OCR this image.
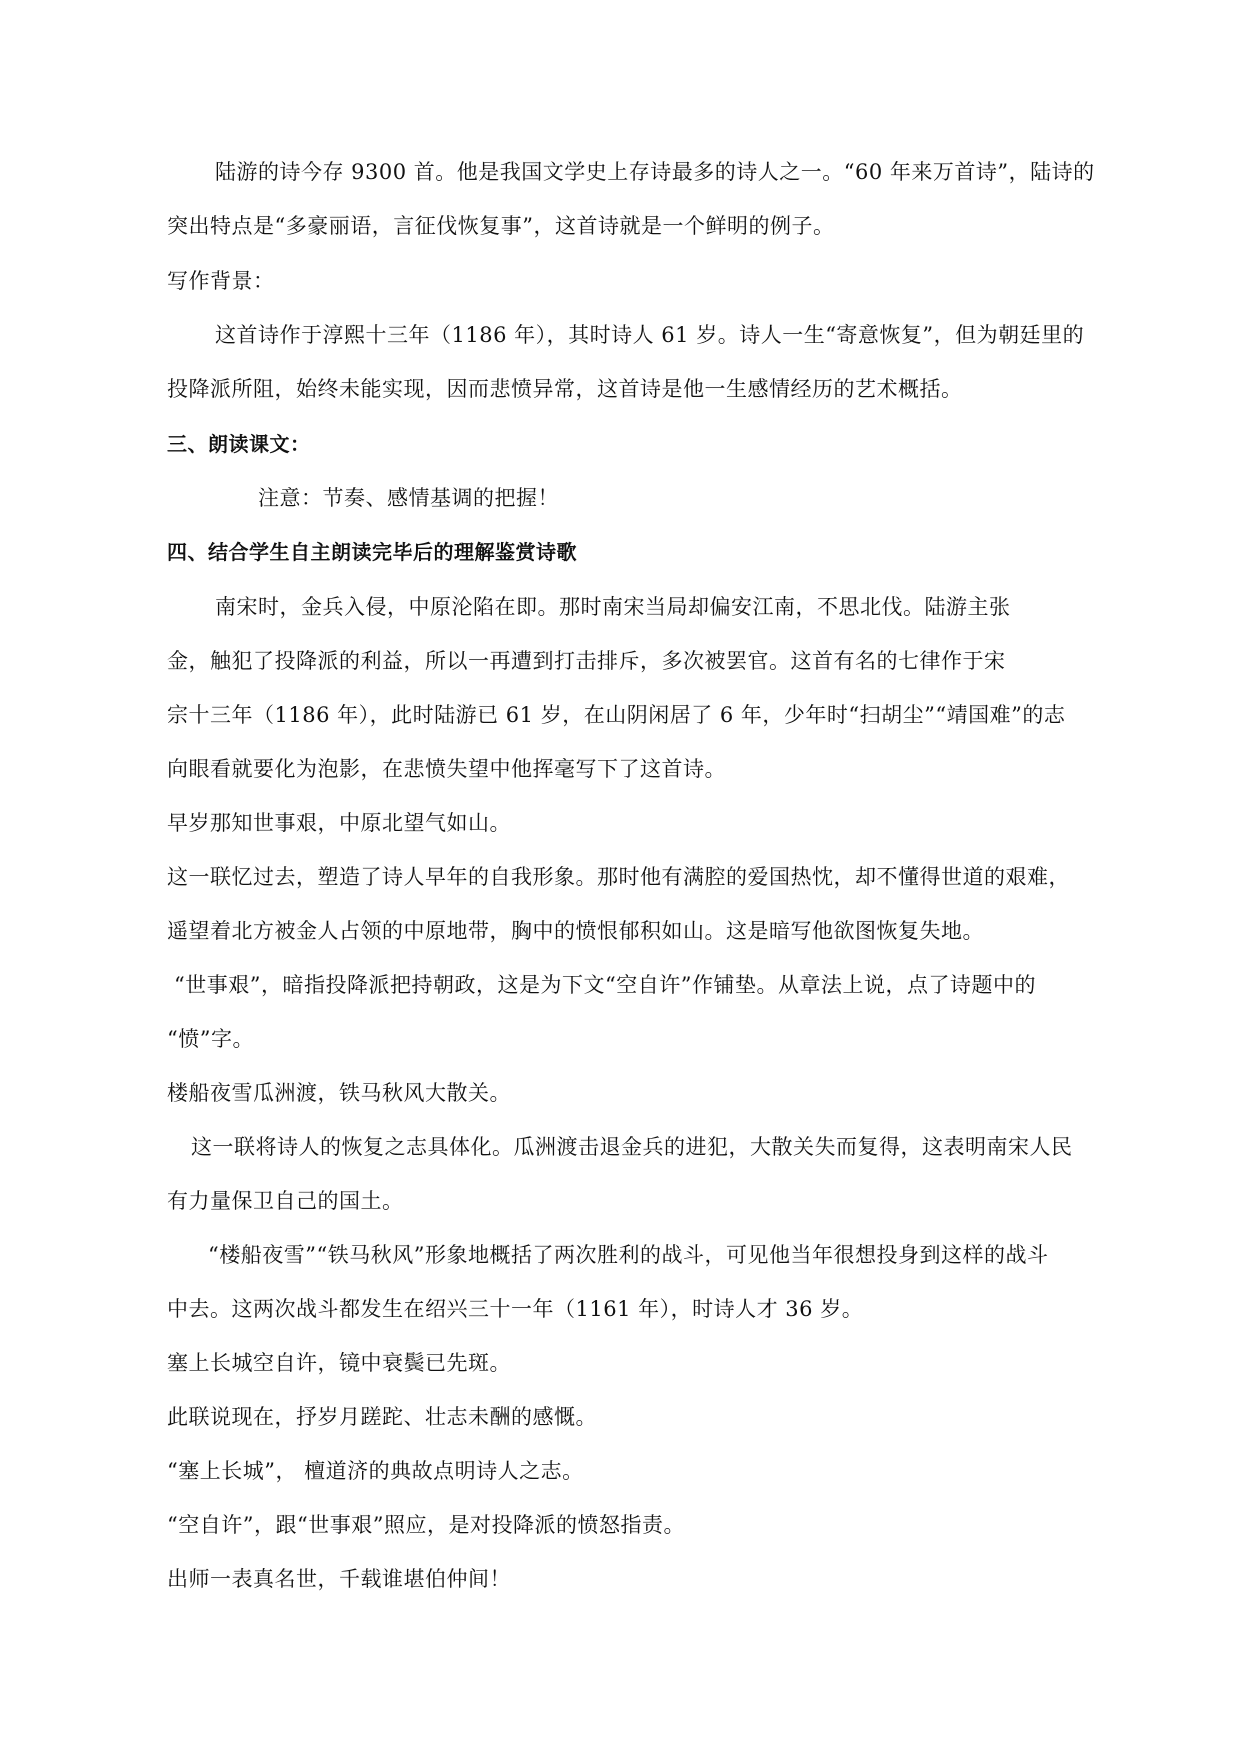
陆游的诗今存 9300 首。他是我国文学史上存诗最多的诗人之一。“60 年来万首诗”，陆诗的
突出特点是“多豪丽语，言征伐恢复事”，这首诗就是一个鲜明的例子。
写作背景：
这首诗作于淳熙十三年（1186 年），其时诗人 61 岁。诗人一生“寄意恢复”，但为朝廷里的
投降派所阻，始终未能实现，因而悲愤异常，这首诗是他一生感情经历的艺术概括。
三、朗读课文：
注意：节奏、感情基调的把握！
四、结合学生自主朗读完毕后的理解鉴赏诗歌
南宋时，金兵入侵，中原沦陷在即。那时南宋当局却偏安江南，不思北伐。陆游主张
金，触犯了投降派的利益，所以一再遭到打击排斥，多次被罢官。这首有名的七律作于宋
宗十三年（1186 年），此时陆游已 61 岁，在山阴闲居了 6 年，少年时“扫胡尘”“靖国难”的志
向眼看就要化为泡影，在悲愤失望中他挥毫写下了这首诗。
早岁那知世事艰，中原北望气如山。
这一联忆过去，塑造了诗人早年的自我形象。那时他有满腔的爱国热忱，却不懂得世道的艰难，
遥望着北方被金人占领的中原地带，胸中的愤恨郁积如山。这是暗写他欲图恢复失地。
“世事艰”，暗指投降派把持朝政，这是为下文“空自许”作铺垫。从章法上说，点了诗题中的
“愤”字。
楼船夜雪瓜洲渡，铁马秋风大散关。
这一联将诗人的恢复之志具体化。瓜洲渡击退金兵的进犯，大散关失而复得，这表明南宋人民
有力量保卫自己的国土。
“楼船夜雪”“铁马秋风”形象地概括了两次胜利的战斗，可见他当年很想投身到这样的战斗
中去。这两次战斗都发生在绍兴三十一年（1161 年），时诗人才 36 岁。
塞上长城空自许，镜中衰鬓已先斑。
此联说现在，抒岁月蹉跎、壮志未酬的感慨。
“塞上长城”， 檀道济的典故点明诗人之志。
“空自许”，跟“世事艰”照应，是对投降派的愤怒指责。
出师一表真名世，千载谁堪伯仲间！
